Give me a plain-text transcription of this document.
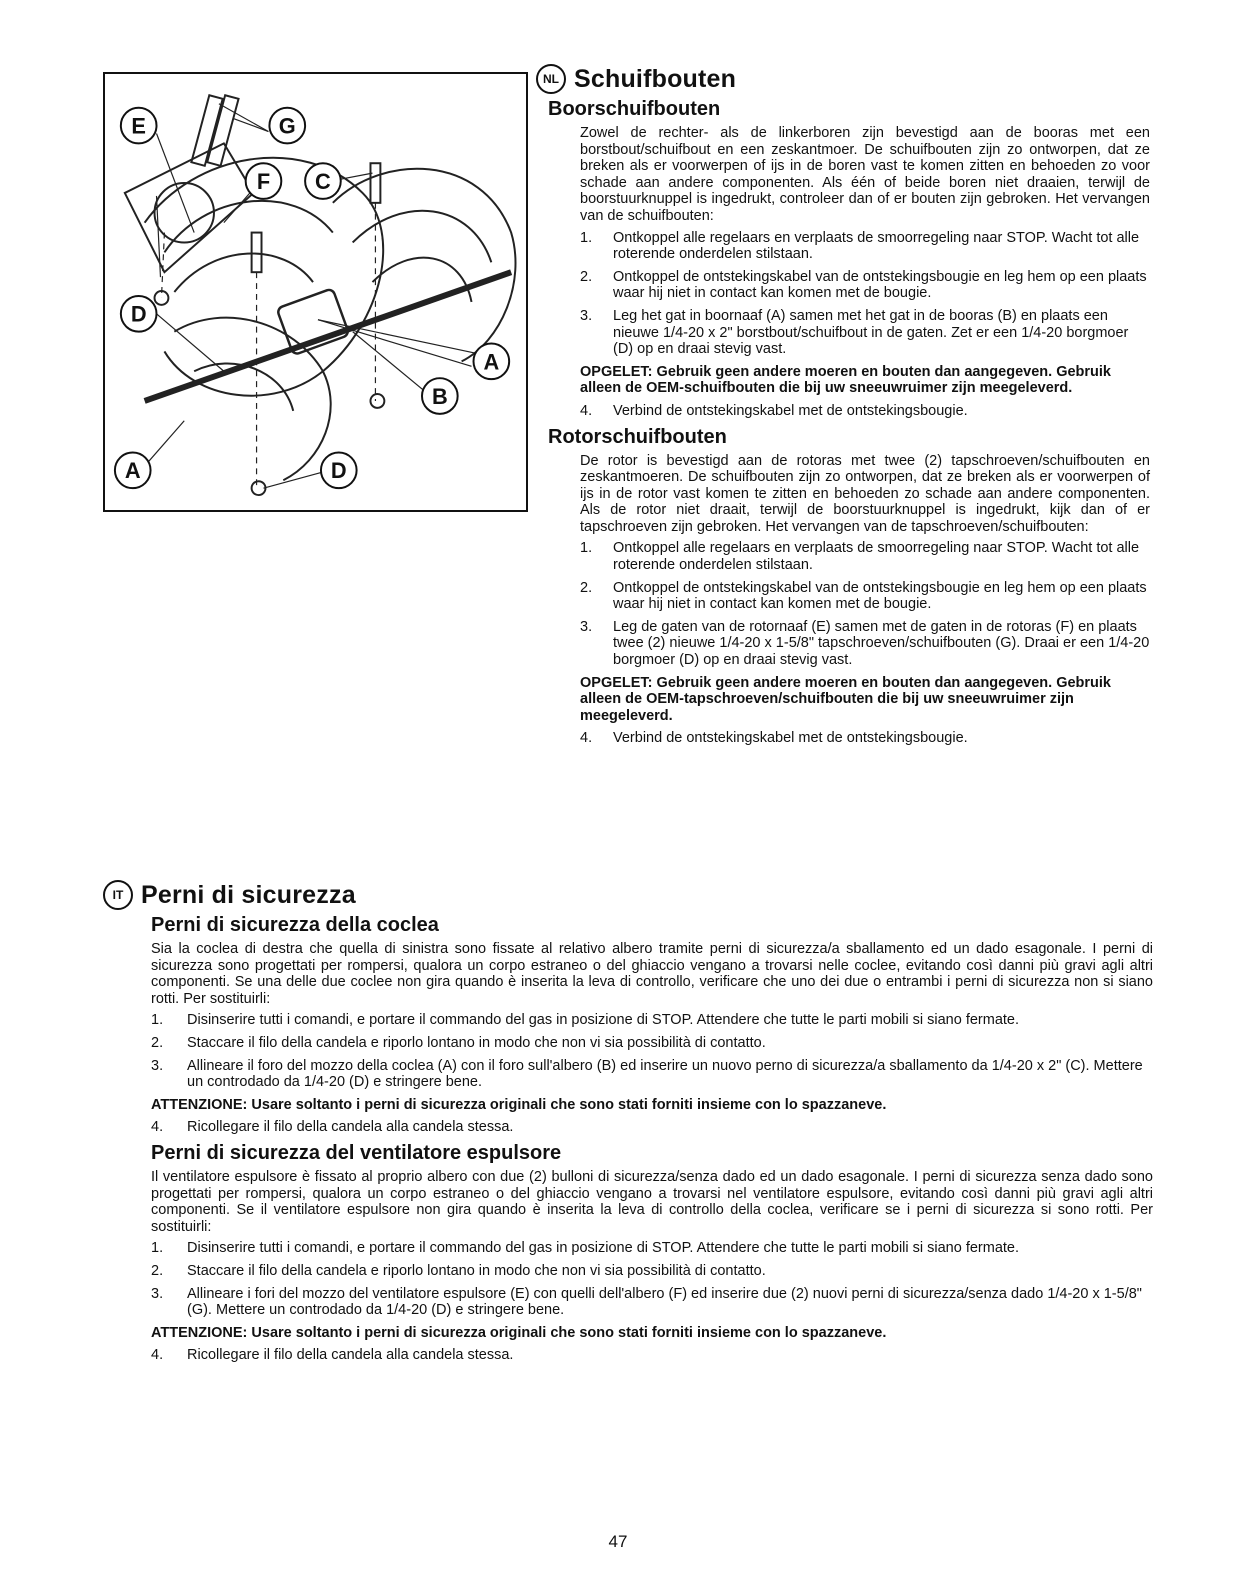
E	G
F C
D
A
B
A	D
NL Schuifbouten
Boorschuifbouten
Zowel de rechter- als de linkerboren zijn bevestigd aan de booras met een borstbout/schuifbout en een zeskantmoer. De schuifbouten zijn zo ontworpen, dat ze breken als er voorwerpen of ijs in de boren vast te komen zitten en behoeden zo voor schade aan andere componenten. Als één of beide boren niet draaien, terwijl de boorstuurknuppel is ingedrukt, controleer dan of er bouten zijn gebroken. Het vervangen van de schuifbouten:
1.	Ontkoppel alle regelaars en verplaats de smoorregeling naar STOP. Wacht tot alle roterende onderdelen stilstaan.
2.	Ontkoppel de ontstekingskabel van de ontstekingsbougie en leg hem op een plaats waar hij niet in contact kan komen met de bougie.
3.	Leg het gat in boornaaf (A) samen met het gat in de booras (B) en plaats een nieuwe 1/4-20 x 2" borstbout/schuifbout in de gaten. Zet er een 1/4-20 borgmoer (D) op en draai stevig vast.
OPGELET: Gebruik geen andere moeren en bouten dan aangegeven. Gebruik alleen de OEM-schuifbouten die bij uw sneeuwruimer zijn meegeleverd.
4.	Verbind de ontstekingskabel met de ontstekingsbougie.
Rotorschuifbouten
De rotor is bevestigd aan de rotoras met twee (2) tapschroeven/schuifbouten en zeskantmoeren. De schuifbouten zijn zo ontworpen, dat ze breken als er voorwerpen of ijs in de rotor vast komen te zitten en behoeden zo schade aan andere componenten. Als de rotor niet draait, terwijl de boorstuurknuppel is ingedrukt, kijk dan of er tapschroeven zijn gebroken. Het vervangen van de tapschroeven/schuifbouten:
1.	Ontkoppel alle regelaars en verplaats de smoorregeling naar STOP. Wacht tot alle roterende onderdelen stilstaan.
2.	Ontkoppel de ontstekingskabel van de ontstekingsbougie en leg hem op een plaats waar hij niet in contact kan komen met de bougie.
3.	Leg de gaten van de rotornaaf (E) samen met de gaten in de rotoras (F) en plaats twee (2) nieuwe 1/4-20 x 1-5/8" tapschroeven/schuifbouten (G). Draai er een 1/4-20 borgmoer (D) op en draai stevig vast.
OPGELET: Gebruik geen andere moeren en bouten dan aangegeven. Gebruik alleen de OEM-tapschroeven/schuifbouten die bij uw sneeuwruimer zijn meegeleverd.
4.	Verbind de ontstekingskabel met de ontstekingsbougie.
IT Perni di sicurezza
Perni di sicurezza della coclea
Sia la coclea di destra che quella di sinistra sono fissate al relativo albero tramite perni di sicurezza/a sballamento ed un dado esagonale. I perni di sicurezza sono progettati per rompersi, qualora un corpo estraneo o del ghiaccio vengano a trovarsi nelle coclee, evitando così danni più gravi agli altri componenti. Se una delle due coclee non gira quando è inserita la leva di controllo, verificare che uno dei due o entrambi i perni di sicurezza non si siano rotti. Per sostituirli:
1.	Disinserire tutti i comandi, e portare il commando del gas in posizione di STOP. Attendere che tutte le parti mobili si siano fermate.
2.	Staccare il filo della candela e riporlo lontano in modo che non vi sia possibilità di contatto.
3.	Allineare il foro del mozzo della coclea (A) con il foro sull'albero (B) ed inserire un nuovo perno di sicurezza/a sballamento da 1/4-20 x 2" (C). Mettere un controdado da 1/4-20 (D) e stringere bene.
ATTENZIONE: Usare soltanto i perni di sicurezza originali che sono stati forniti insieme con lo spazzaneve.
4.	Ricollegare il filo della candela alla candela stessa.
Perni di sicurezza del ventilatore espulsore
Il ventilatore espulsore è fissato al proprio albero con due (2) bulloni di sicurezza/senza dado ed un dado esagonale. I perni di sicurezza senza dado sono progettati per rompersi, qualora un corpo estraneo o del ghiaccio vengano a trovarsi nel ventilatore espulsore, evitando così danni più gravi agli altri componenti. Se il ventilatore espulsore non gira quando è inserita la leva di controllo della coclea, verificare se i perni di sicurezza si sono rotti. Per sostituirli:
1.	Disinserire tutti i comandi, e portare il commando del gas in posizione di STOP. Attendere che tutte le parti mobili si siano fermate.
2.	Staccare il filo della candela e riporlo lontano in modo che non vi sia possibilità di contatto.
3.	Allineare i fori del mozzo del ventilatore espulsore (E) con quelli dell'albero (F) ed inserire due (2) nuovi perni di sicurezza/senza dado 1/4-20 x 1-5/8" (G). Mettere un controdado da 1/4-20 (D) e stringere bene.
ATTENZIONE: Usare soltanto i perni di sicurezza originali che sono stati forniti insieme con lo spazzaneve.
4.	Ricollegare il filo della candela alla candela stessa.
47
